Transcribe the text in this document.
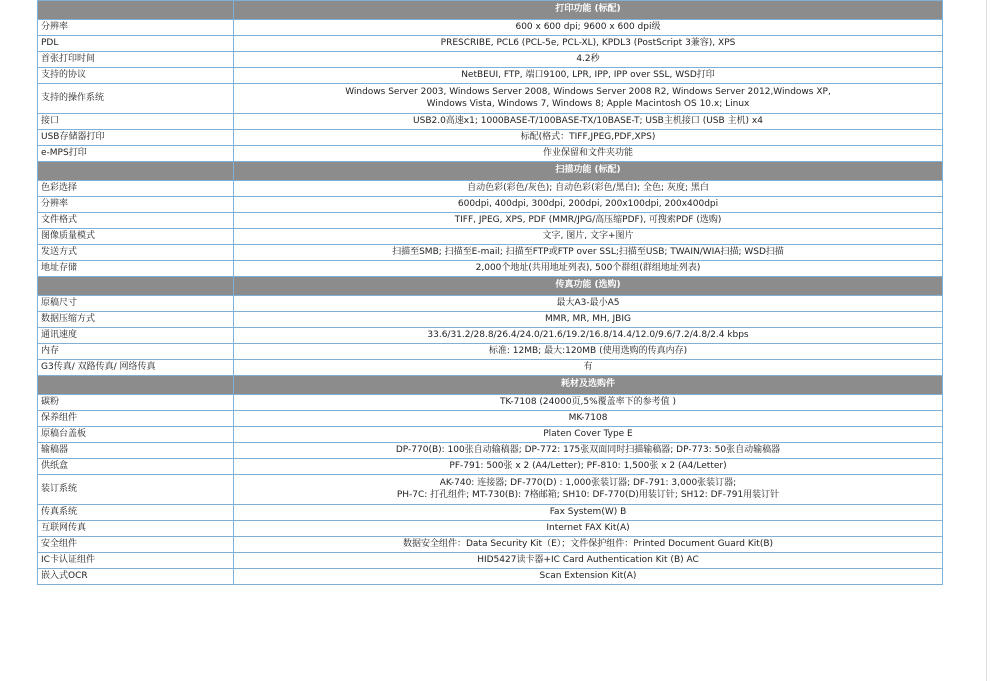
	打印功能 (标配)
分辨率	600 x 600 dpi; 9600 x 600 dpi级

PDL	PRESCRIBE, PCL6 (PCL-5e, PCL-XL), KPDL3 (PostScript 3兼容), XPS

首张打印时间	4.2秒

支持的协议	NetBEUI, FTP, 端口9100, LPR, IPP, IPP over SSL, WSD打印

支持的操作系统	Windows Server 2003, Windows Server 2008, Windows Server 2008 R2, Windows Server 2012,Windows XP,
Windows Vista, Windows 7, Windows 8; Apple Macintosh OS 10.x; Linux

接口	USB2.0高速x1; 1000BASE-T/100BASE-TX/10BASE-T; USB主机接口 (USB 主机) x4

USB存储器打印	标配(格式：TIFF,JPEG,PDF,XPS)

e-MPS打印	作业保留和文件夹功能

	扫描功能 (标配)
色彩选择	自动色彩(彩色/灰色); 自动色彩(彩色/黑白); 全色; 灰度; 黑白

分辨率	600dpi, 400dpi, 300dpi, 200dpi, 200x100dpi, 200x400dpi

文件格式	TIFF, JPEG, XPS, PDF (MMR/JPG/高压缩PDF), 可搜索PDF (选购)

图像质量模式	文字, 图片, 文字+图片

发送方式	扫描至SMB; 扫描至E-mail; 扫描至FTP或FTP over SSL;扫描至USB; TWAIN/WIA扫描; WSD扫描

地址存储	2,000个地址(共用地址列表), 500个群组(群组地址列表)

	传真功能 (选购)
原稿尺寸	最大A3-最小A5

数据压缩方式	MMR, MR, MH, JBIG

通讯速度	33.6/31.2/28.8/26.4/24.0/21.6/19.2/16.8/14.4/12.0/9.6/7.2/4.8/2.4 kbps

内存	标准: 12MB; 最大:120MB (使用选购的传真内存)

G3传真/ 双路传真/ 网络传真	有

	耗材及选购件
碳粉	TK-7108 (24000页,5%覆盖率下的参考值 )

保养组件	MK-7108

原稿台盖板	Platen Cover Type E

输稿器	DP-770(B): 100张自动输稿器; DP-772: 175张双面同时扫描输稿器; DP-773: 50张自动输稿器

供纸盒	PF-791: 500张 x 2 (A4/Letter); PF-810: 1,500张 x 2 (A4/Letter)

装订系统	AK-740: 连接器; DF-770(D) : 1,000张装订器; DF-791: 3,000张装订器;
PH-7C: 打孔组件; MT-730(B): 7格邮箱; SH10: DF-770(D)用装订针; SH12: DF-791用装订针

传真系统	Fax System(W) B

互联网传真	Internet FAX Kit(A)

安全组件	数据安全组件：Data Security Kit（E）；文件保护组件：Printed Document Guard Kit(B)

IC卡认证组件	HID5427读卡器+IC Card Authentication Kit (B) AC

嵌入式OCR	Scan Extension Kit(A)
